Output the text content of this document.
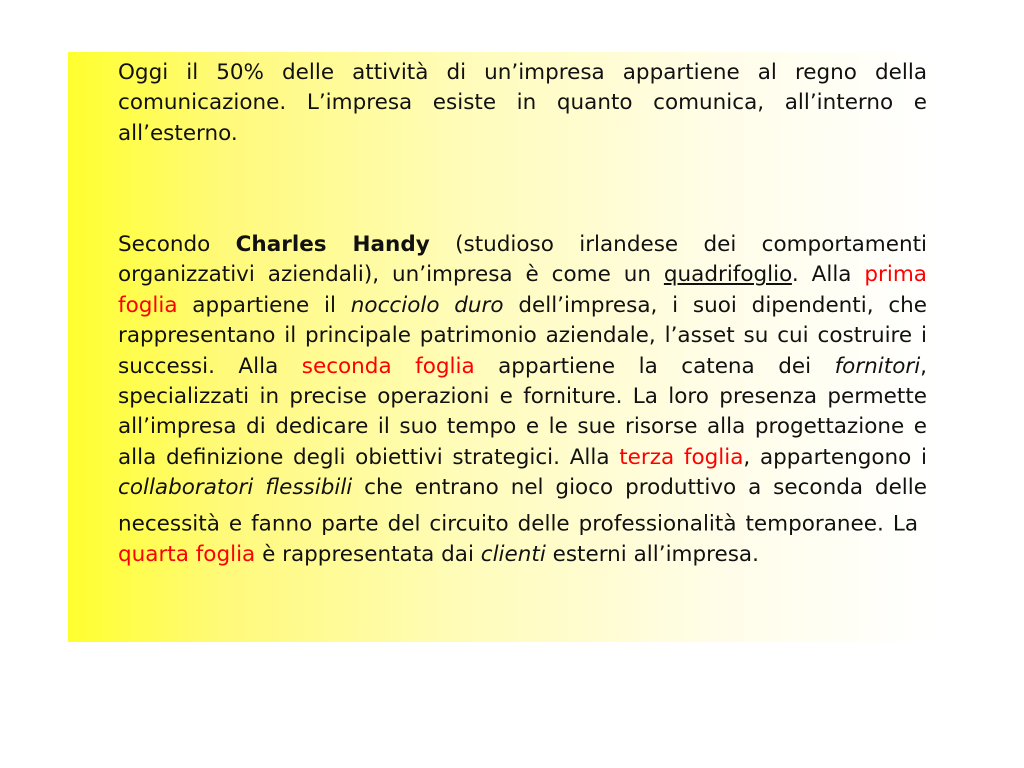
Oggi il 50% delle attività di un’impresa appartiene al regno della comunicazione. L’impresa esiste in quanto comunica, all’interno e all’esterno.
Secondo Charles Handy (studioso irlandese dei comportamenti organizzativi aziendali), un’impresa è come un quadrifoglio. Alla prima foglia appartiene il nocciolo duro dell’impresa, i suoi dipendenti, che rappresentano il principale patrimonio aziendale, l’asset su cui costruire i successi. Alla seconda foglia appartiene la catena dei fornitori, specializzati in precise operazioni e forniture. La loro presenza permette all’impresa di dedicare il suo tempo e le sue risorse alla progettazione e alla definizione degli obiettivi strategici. Alla terza foglia, appartengono i collaboratori flessibili che entrano nel gioco produttivo a seconda delle necessità e fanno parte del circuito delle professionalità temporanee. La quarta foglia è rappresentata dai clienti esterni all’impresa.
